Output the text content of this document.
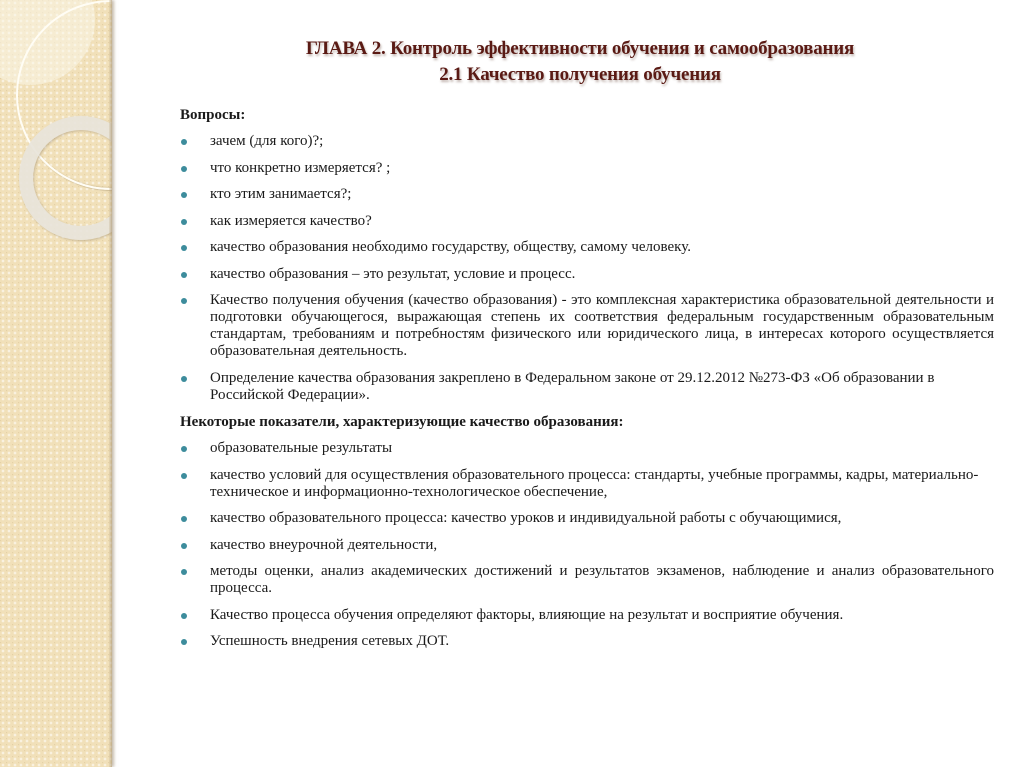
ГЛАВА 2. Контроль эффективности обучения и самообразования
2.1 Качество получения обучения
Вопросы:
зачем (для кого)?;
что конкретно измеряется? ;
кто этим занимается?;
как измеряется качество?
качество образования необходимо государству, обществу, самому человеку.
качество образования – это результат, условие и процесс.
Качество получения обучения (качество образования) - это комплексная характеристика образовательной деятельности и подготовки обучающегося, выражающая степень их соответствия федеральным государственным образовательным стандартам, требованиям и потребностям физического или юридического лица, в интересах которого осуществляется образовательная деятельность.
Определение качества образования закреплено в Федеральном законе от 29.12.2012 №273-ФЗ «Об образовании в Российской Федерации».
Некоторые показатели, характеризующие качество образования:
образовательные результаты
качество условий для осуществления образовательного процесса: стандарты, учебные программы, кадры, материально-техническое и информационно-технологическое обеспечение,
качество образовательного процесса: качество уроков и индивидуальной работы с обучающимися,
качество внеурочной деятельности,
методы оценки, анализ академических достижений и результатов экзаменов, наблюдение и анализ образовательного процесса.
Качество процесса обучения определяют факторы, влияющие на результат и восприятие обучения.
Успешность внедрения сетевых ДОТ.
